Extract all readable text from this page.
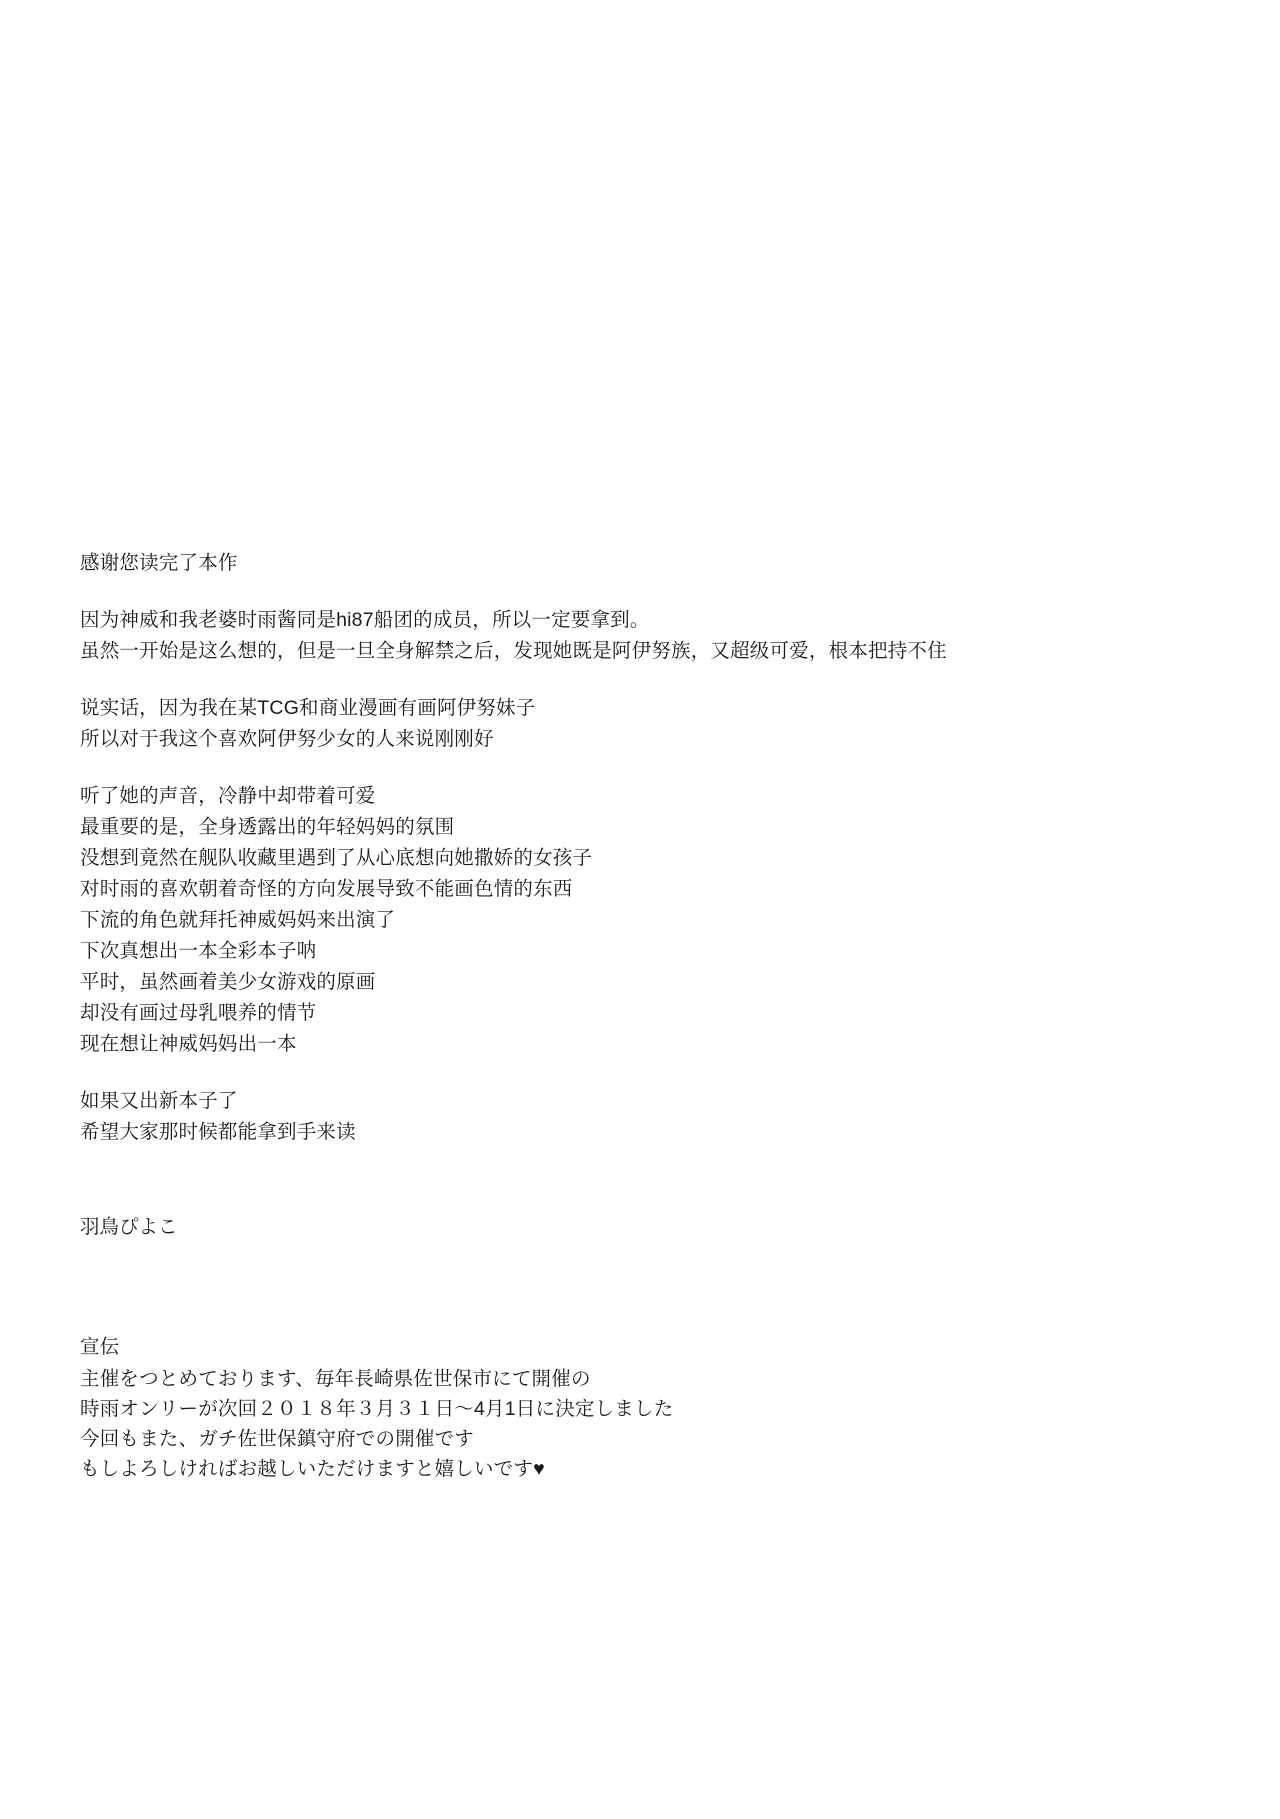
感谢您读完了本作
因为神威和我老婆时雨酱同是hi87船团的成员，所以一定要拿到。
虽然一开始是这么想的，但是一旦全身解禁之后，发现她既是阿伊努族，又超级可爱，根本把持不住
说实话，因为我在某TCG和商业漫画有画阿伊努妹子
所以对于我这个喜欢阿伊努少女的人来说刚刚好
听了她的声音，冷静中却带着可爱
最重要的是，全身透露出的年轻妈妈的氛围
没想到竟然在舰队收藏里遇到了从心底想向她撒娇的女孩子
对时雨的喜欢朝着奇怪的方向发展导致不能画色情的东西
下流的角色就拜托神威妈妈来出演了
下次真想出一本全彩本子呐
平时，虽然画着美少女游戏的原画
却没有画过母乳喂养的情节
现在想让神威妈妈出一本
如果又出新本子了
希望大家那时候都能拿到手来读
羽鳥ぴよこ
宣伝
主催をつとめております、毎年長崎県佐世保市にて開催の
時雨オンリーが次回２０１８年３月３１日〜4月1日に決定しました
今回もまた、ガチ佐世保鎮守府での開催です
もしよろしければお越しいただけますと嬉しいです♥
